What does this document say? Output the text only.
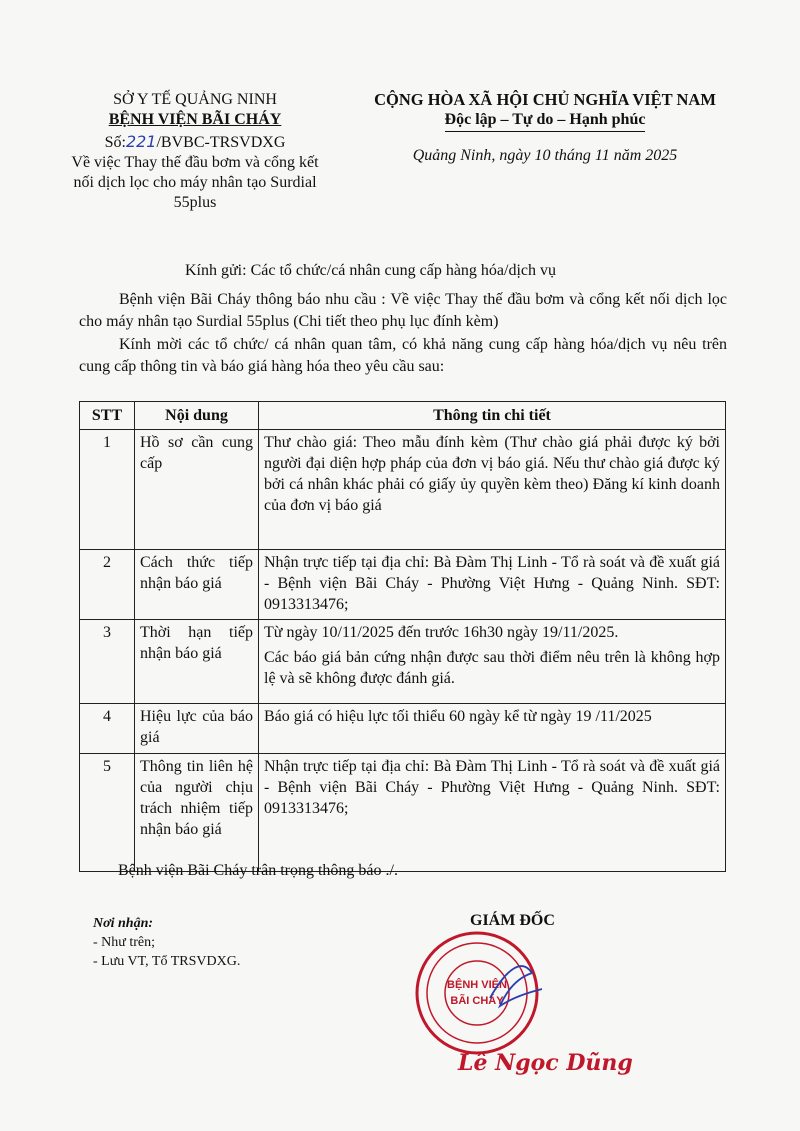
SỞ Y TẾ QUẢNG NINH
BỆNH VIỆN BÃI CHÁY
Số:221/BVBC-TRSVDXG
Về việc Thay thế đầu bơm và cổng kết nối dịch lọc cho máy nhân tạo Surdial 55plus
CỘNG HÒA XÃ HỘI CHỦ NGHĨA VIỆT NAM
Độc lập – Tự do – Hạnh phúc
Quảng Ninh, ngày 10 tháng 11 năm 2025
Kính gửi: Các tổ chức/cá nhân cung cấp hàng hóa/dịch vụ
Bệnh viện Bãi Cháy thông báo nhu cầu : Về việc Thay thế đầu bơm và cổng kết nối dịch lọc cho máy nhân tạo Surdial 55plus (Chi tiết theo phụ lục đính kèm)
Kính mời các tổ chức/ cá nhân quan tâm, có khả năng cung cấp hàng hóa/dịch vụ nêu trên cung cấp thông tin và báo giá hàng hóa theo yêu cầu sau:
STT	Nội dung	Thông tin chi tiết
1	Hồ sơ cần cung cấp	Thư chào giá: Theo mẫu đính kèm (Thư chào giá phải được ký bởi người đại diện hợp pháp của đơn vị báo giá. Nếu thư chào giá được ký bởi cá nhân khác phải có giấy ủy quyền kèm theo) Đăng kí kinh doanh của đơn vị báo giá
2	Cách thức tiếp nhận báo giá	Nhận trực tiếp tại địa chỉ: Bà Đàm Thị Linh - Tổ rà soát và đề xuất giá - Bệnh viện Bãi Cháy - Phường Việt Hưng - Quảng Ninh. SĐT: 0913313476;
3	Thời hạn tiếp nhận báo giá	Từ ngày 10/11/2025 đến trước 16h30 ngày 19/11/2025.
Các báo giá bản cứng nhận được sau thời điểm nêu trên là không hợp lệ và sẽ không được đánh giá.

4	Hiệu lực của báo giá	Báo giá có hiệu lực tối thiểu 60 ngày kể từ ngày 19 /11/2025
5	Thông tin liên hệ của người chịu trách nhiệm tiếp nhận báo giá	Nhận trực tiếp tại địa chỉ: Bà Đàm Thị Linh - Tổ rà soát và đề xuất giá - Bệnh viện Bãi Cháy - Phường Việt Hưng - Quảng Ninh. SĐT: 0913313476;
Bệnh viện Bãi Cháy trân trọng thông báo ./.
Nơi nhận:
- Như trên;
- Lưu VT, Tổ TRSVDXG.
GIÁM ĐỐC
BỆNH VIỆN
BÃI CHÁY
Lê Ngọc Dũng
